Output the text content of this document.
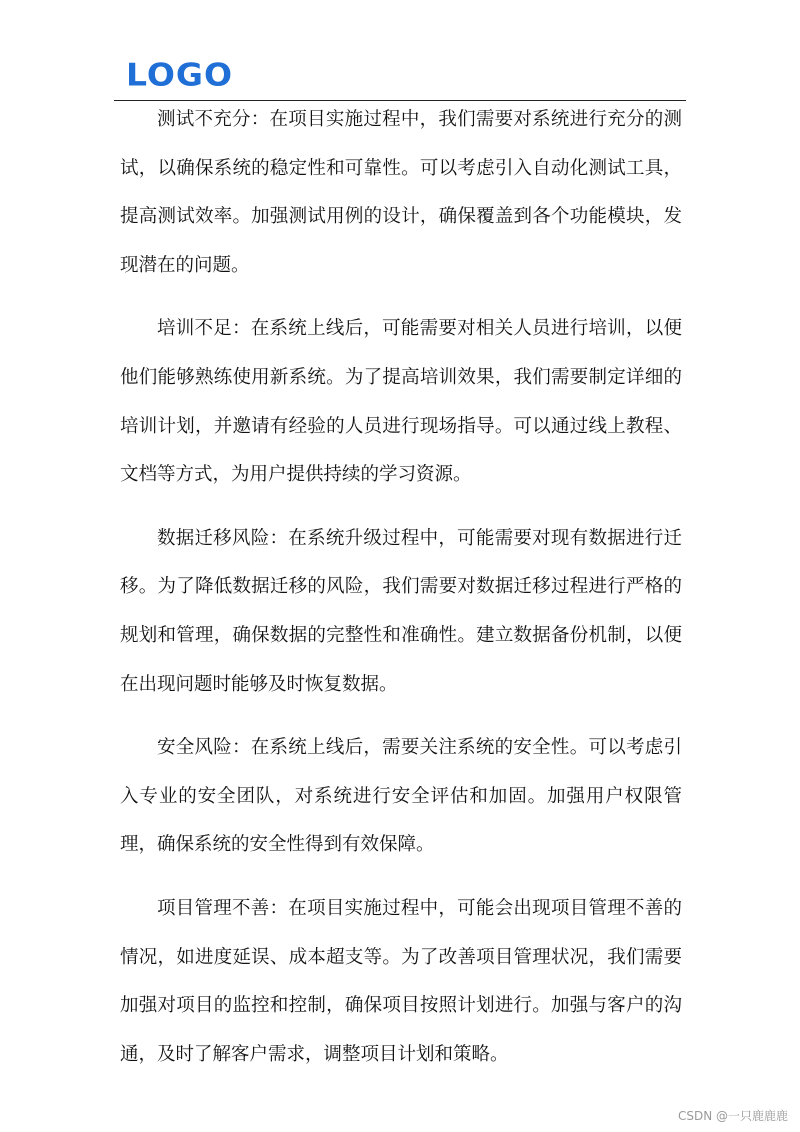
LOGO

测试不充分：在项目实施过程中，我们需要对系统进行充分的测试，以确保系统的稳定性和可靠性。可以考虑引入自动化测试工具，提高测试效率。加强测试用例的设计，确保覆盖到各个功能模块，发现潜在的问题。

培训不足：在系统上线后，可能需要对相关人员进行培训，以便他们能够熟练使用新系统。为了提高培训效果，我们需要制定详细的培训计划，并邀请有经验的人员进行现场指导。可以通过线上教程、文档等方式，为用户提供持续的学习资源。

数据迁移风险：在系统升级过程中，可能需要对现有数据进行迁移。为了降低数据迁移的风险，我们需要对数据迁移过程进行严格的规划和管理，确保数据的完整性和准确性。建立数据备份机制，以便在出现问题时能够及时恢复数据。

安全风险：在系统上线后，需要关注系统的安全性。可以考虑引入专业的安全团队，对系统进行安全评估和加固。加强用户权限管理，确保系统的安全性得到有效保障。

项目管理不善：在项目实施过程中，可能会出现项目管理不善的情况，如进度延误、成本超支等。为了改善项目管理状况，我们需要加强对项目的监控和控制，确保项目按照计划进行。加强与客户的沟通，及时了解客户需求，调整项目计划和策略。

CSDN @一只鹿鹿鹿
